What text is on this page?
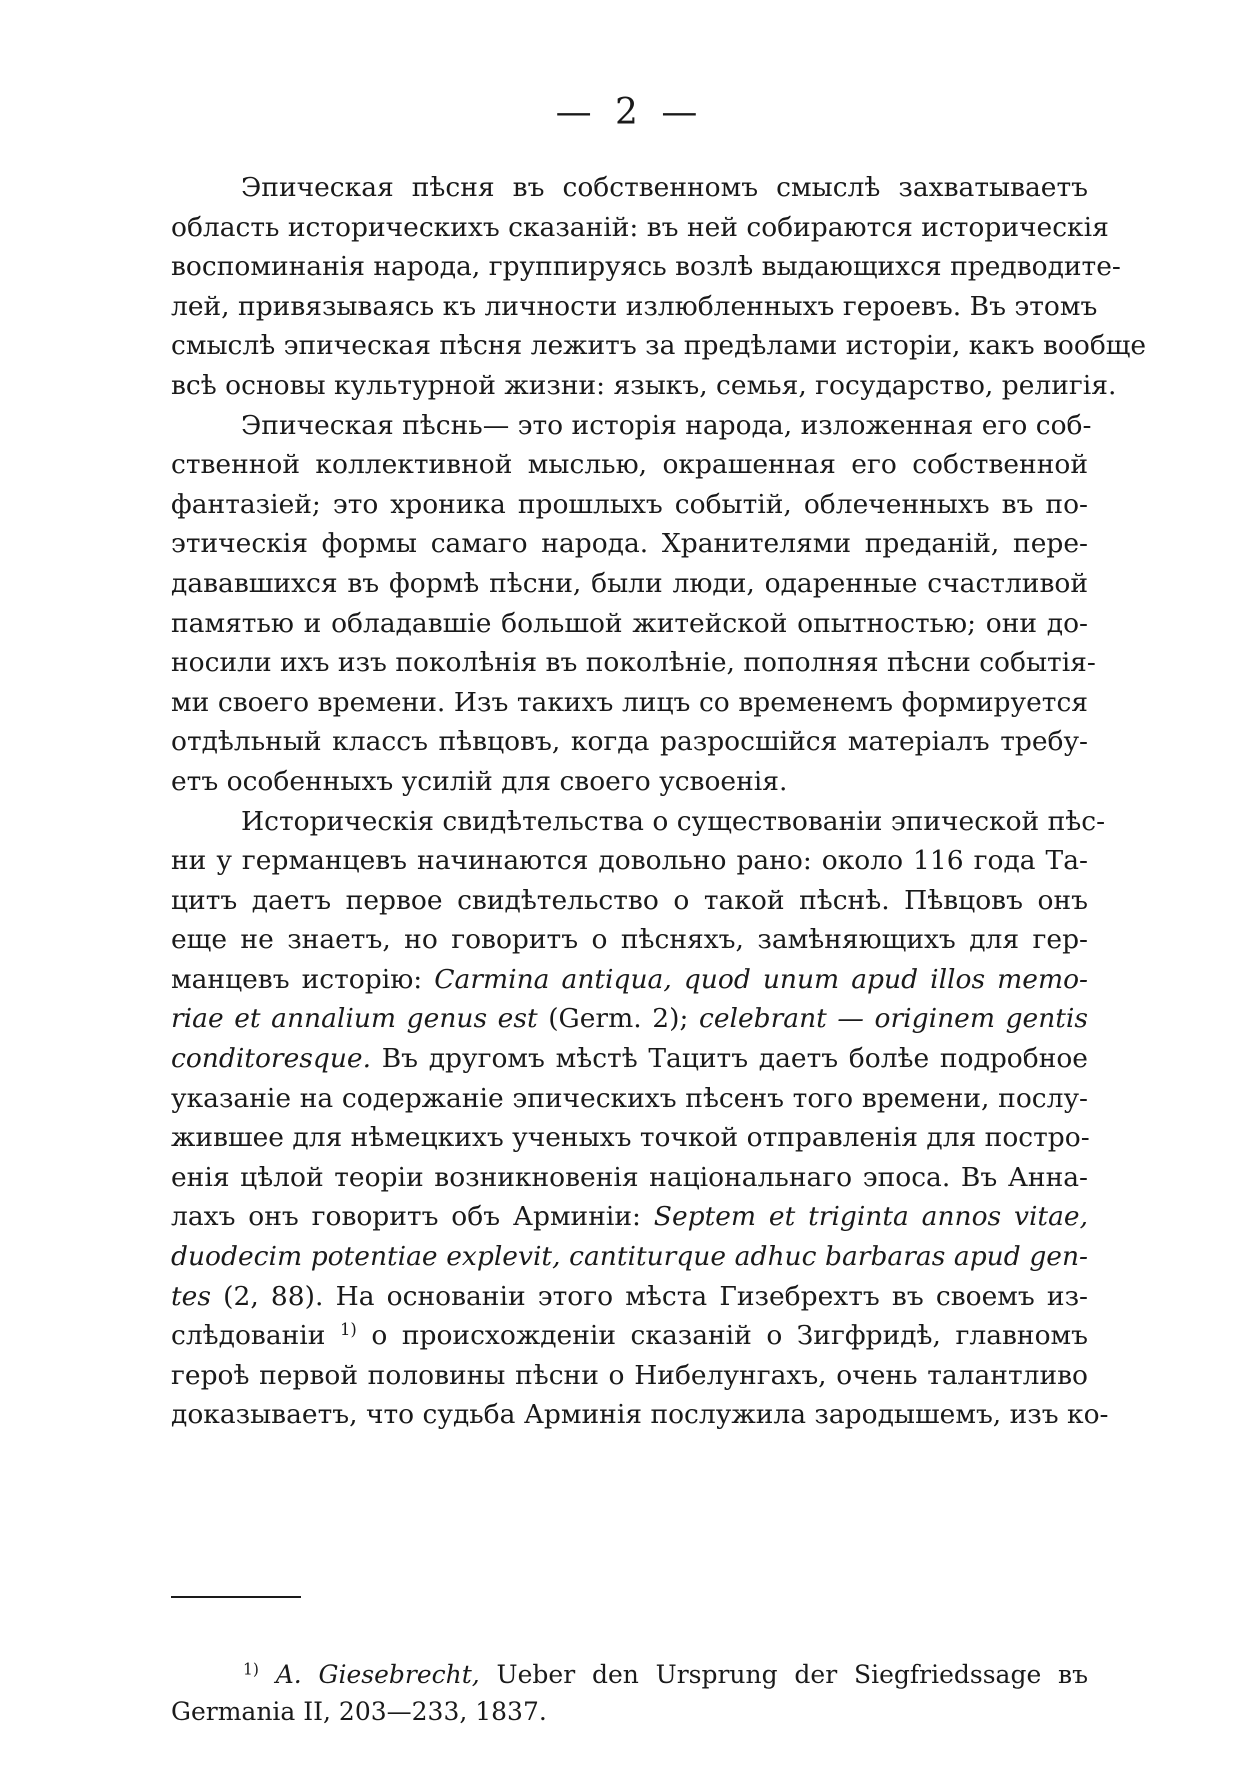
— 2 —

Эпическая пѣсня въ собственномъ смыслѣ захватываетъ
область историческихъ сказаній: въ ней собираются историческія
воспоминанія народа, группируясь возлѣ выдающихся предводите-
лей, привязываясь къ личности излюбленныхъ героевъ. Въ этомъ
смыслѣ эпическая пѣсня лежитъ за предѣлами исторіи, какъ вообще
всѣ основы культурной жизни: языкъ, семья, государство, религія.

Эпическая пѣснь— это исторія народа, изложенная его соб-
ственной коллективной мыслью, окрашенная его собственной
фантазіей; это хроника прошлыхъ событій, облеченныхъ въ по-
этическія формы самаго народа. Хранителями преданій, пере-
дававшихся въ формѣ пѣсни, были люди, одаренные счастливой
памятью и обладавшіе большой житейской опытностью; они до-
носили ихъ изъ поколѣнія въ поколѣніе, пополняя пѣсни событія-
ми своего времени. Изъ такихъ лицъ со временемъ формируется
отдѣльный классъ пѣвцовъ, когда разросшійся матеріалъ требу-
етъ особенныхъ усилій для своего усвоенія.

Историческія свидѣтельства о существованіи эпической пѣс-
ни у германцевъ начинаются довольно рано: около 116 года Та-
цитъ даетъ первое свидѣтельство о такой пѣснѣ. Пѣвцовъ онъ
еще не знаетъ, но говоритъ о пѣсняхъ, замѣняющихъ для гер-
манцевъ исторію: Carmina antiqua, quod unum apud illos memo-
riae et annalium genus est (Germ. 2); celebrant — originem gentis
conditoresque. Въ другомъ мѣстѣ Тацитъ даетъ болѣе подробное
указаніе на содержаніе эпическихъ пѣсенъ того времени, послу-
жившее для нѣмецкихъ ученыхъ точкой отправленія для постро-
енія цѣлой теоріи возникновенія національнаго эпоса. Въ Анна-
лахъ онъ говоритъ объ Арминіи: Septem et triginta annos vitae,
duodecim potentiae explevit, cantiturque adhuc barbaras apud gen-
tes (2, 88). На основаніи этого мѣста Гизебрехтъ въ своемъ из-
слѣдованіи $^{1)}$ о происхожденіи сказаній о Зигфридѣ, главномъ
героѣ первой половины пѣсни о Нибелунгахъ, очень талантливо
доказываетъ, что судьба Арминія послужила зародышемъ, изъ ко-

$^{1)}$ A. Giesebrecht, Ueber den Ursprung der Siegfriedssage въ
Germania II, 203—233, 1837.
